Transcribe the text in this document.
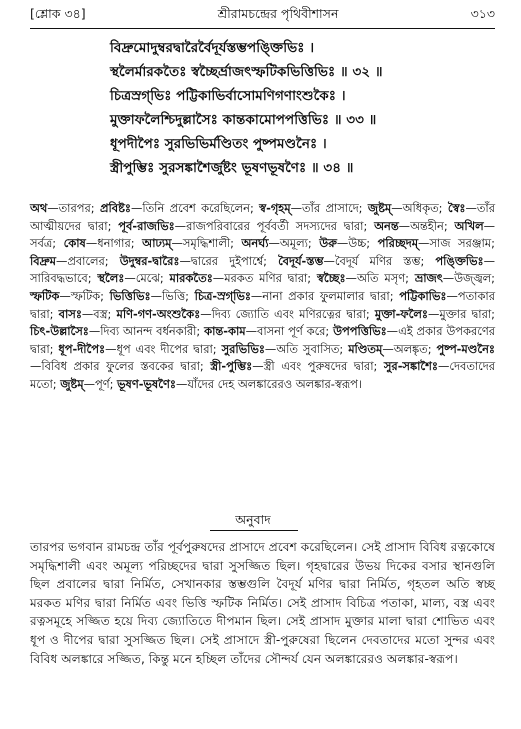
[শ্লোক ৩৪]	শ্রীরামচন্দ্রের পৃথিবীশাসন	৩১৩
বিদ্রুমোদুম্বরদ্বারৈর্বৈদূর্যস্তম্ভপঙ্ক্তিভিঃ ।
স্থলৈর্মারকতৈঃ স্বচ্ছৈর্ভ্রাজৎস্ফটিকভিত্তিভিঃ ॥ ৩২ ॥
চিত্রস্রগ্‌ভিঃ পট্টিকাভির্বাসোমণিগণাংশুকৈঃ ।
মুক্তাফলৈশ্চিদুল্লাসৈঃ কান্তকামোপপত্তিভিঃ ॥ ৩৩ ॥
ধূপদীপৈঃ সুরভিভির্মণ্ডিতং পুষ্পমণ্ডনৈঃ ।
স্ত্রীপুম্ভিঃ সুরসঙ্কাশৈর্জুষ্টং ভূষণভূষণৈঃ ॥ ৩৪ ॥
অথ—তারপর; প্রবিষ্টঃ—তিনি প্রবেশ করেছিলেন; স্ব-গৃহম্—তাঁর প্রাসাদে; জুষ্টম্—অধিকৃত; স্বৈঃ—তাঁর আত্মীয়দের দ্বারা; পূর্ব-রাজভিঃ—রাজপরিবারের পূর্ববর্তী সদস্যদের দ্বারা; অনন্ত—অন্তহীন; অখিল—সর্বত্র; কোষ—ধনাগার; আঢ্যম্—সমৃদ্ধিশালী; অনর্ঘ্য—অমূল্য; উরু—উচ্চ; পরিচ্ছদম্—সাজ সরঞ্জাম; বিদ্রুম—প্রবালের; উদুম্বর-দ্বারৈঃ—দ্বারের দুইপার্শ্বে; বৈদূর্য-স্তম্ভ—বৈদূর্য মণির স্তম্ভ; পঙ্ক্তিভিঃ—সারিবদ্ধভাবে; স্থলৈঃ—মেঝে; মারকতৈঃ—মরকত মণির দ্বারা; স্বচ্ছৈঃ—অতি মসৃণ; ভ্রাজৎ—উজ্জ্বল; স্ফটিক—স্ফটিক; ভিত্তিভিঃ—ভিত্তি; চিত্র-স্রগ্‌ভিঃ—নানা প্রকার ফুলমালার দ্বারা; পট্টিকাভিঃ—পতাকার দ্বারা; বাসঃ—বস্ত্র; মণি-গণ-অংশুকৈঃ—দিব্য জ্যোতি এবং মণিরত্নের দ্বারা; মুক্তা-ফলৈঃ—মুক্তার দ্বারা; চিৎ-উল্লাসৈঃ—দিব্য আনন্দ বর্ধনকারী; কান্ত-কাম—বাসনা পূর্ণ করে; উপপত্তিভিঃ—এই প্রকার উপকরণের দ্বারা; ধূপ-দীপৈঃ—ধূপ এবং দীপের দ্বারা; সুরভিভিঃ—অতি সুবাসিত; মণ্ডিতম্—অলঙ্কৃত; পুষ্প-মণ্ডনৈঃ—বিবিধ প্রকার ফুলের স্তবকের দ্বারা; স্ত্রী-পুম্ভিঃ—স্ত্রী এবং পুরুষদের দ্বারা; সুর-সঙ্কাশৈঃ—দেবতাদের মতো; জুষ্টম্—পূর্ণ; ভূষণ-ভূষণৈঃ—যাঁদের দেহ অলঙ্কারেরও অলঙ্কার-স্বরূপ।
অনুবাদ
তারপর ভগবান রামচন্দ্র তাঁর পূর্বপুরুষদের প্রাসাদে প্রবেশ করেছিলেন। সেই প্রাসাদ বিবিধ রত্নকোষে সমৃদ্ধিশালী এবং অমূল্য পরিচ্ছদের দ্বারা সুসজ্জিত ছিল। গৃহদ্বারের উভয় দিকের বসার স্থানগুলি ছিল প্রবালের দ্বারা নির্মিত, সেখানকার স্তম্ভগুলি বৈদূর্য মণির দ্বারা নির্মিত, গৃহতল অতি স্বচ্ছ মরকত মণির দ্বারা নির্মিত এবং ভিত্তি স্ফটিক নির্মিত। সেই প্রাসাদ বিচিত্র পতাকা, মাল্য, বস্ত্র এবং রত্নসমূহে সজ্জিত হয়ে দিব্য জ্যোতিতে দীপমান ছিল। সেই প্রাসাদ মুক্তার মালা দ্বারা শোভিত এবং ধূপ ও দীপের দ্বারা সুসজ্জিত ছিল। সেই প্রাসাদে স্ত্রী-পুরুষেরা ছিলেন দেবতাদের মতো সুন্দর এবং বিবিধ অলঙ্কারে সজ্জিত, কিন্তু মনে হচ্ছিল তাঁদের সৌন্দর্য যেন অলঙ্কারেরও অলঙ্কার-স্বরূপ।
